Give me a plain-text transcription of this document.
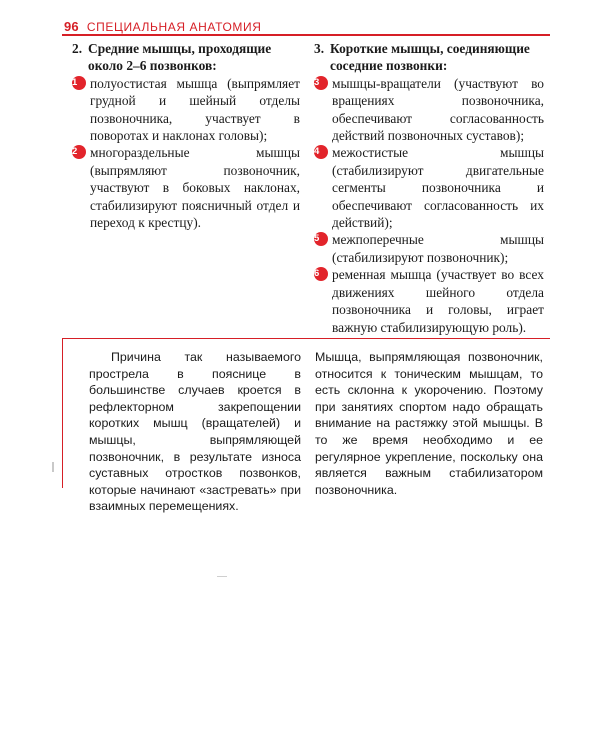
96 СПЕЦИАЛЬНАЯ АНАТОМИЯ
2. Средние мышцы, проходящие около 2–6 позвонков:
1 полуостистая мышца (выпрямляет грудной и шейный отделы позвоночника, участвует в поворотах и наклонах головы);
2 многораздельные мышцы (выпрямляют позвоночник, участвуют в боковых наклонах, стабилизируют поясничный отдел и переход к крестцу).
3. Короткие мышцы, соединяющие соседние позвонки:
3 мышцы-вращатели (участвуют во вращениях позвоночника, обеспечивают согласованность действий позвоночных суставов);
4 межостистые мышцы (стабилизируют двигательные сегменты позвоночника и обеспечивают согласованность их действий);
5 межпоперечные мышцы (стабилизируют позвоночник);
6 ременная мышца (участвует во всех движениях шейного отдела позвоночника и головы, играет важную стабилизирующую роль).

Причина так называемого прострела в пояснице в большинстве случаев кроется в рефлекторном закрепощении коротких мышц (вращателей) и мышцы, выпрямляющей позвоночник, в результате износа суставных отростков позвонков, которые начинают «застревать» при взаимных перемещениях.

Мышца, выпрямляющая позвоночник, относится к тоническим мышцам, то есть склонна к укорочению. Поэтому при занятиях спортом надо обращать внимание на растяжку этой мышцы. В то же время необходимо и ее регулярное укрепление, поскольку она является важным стабилизатором позвоночника.
